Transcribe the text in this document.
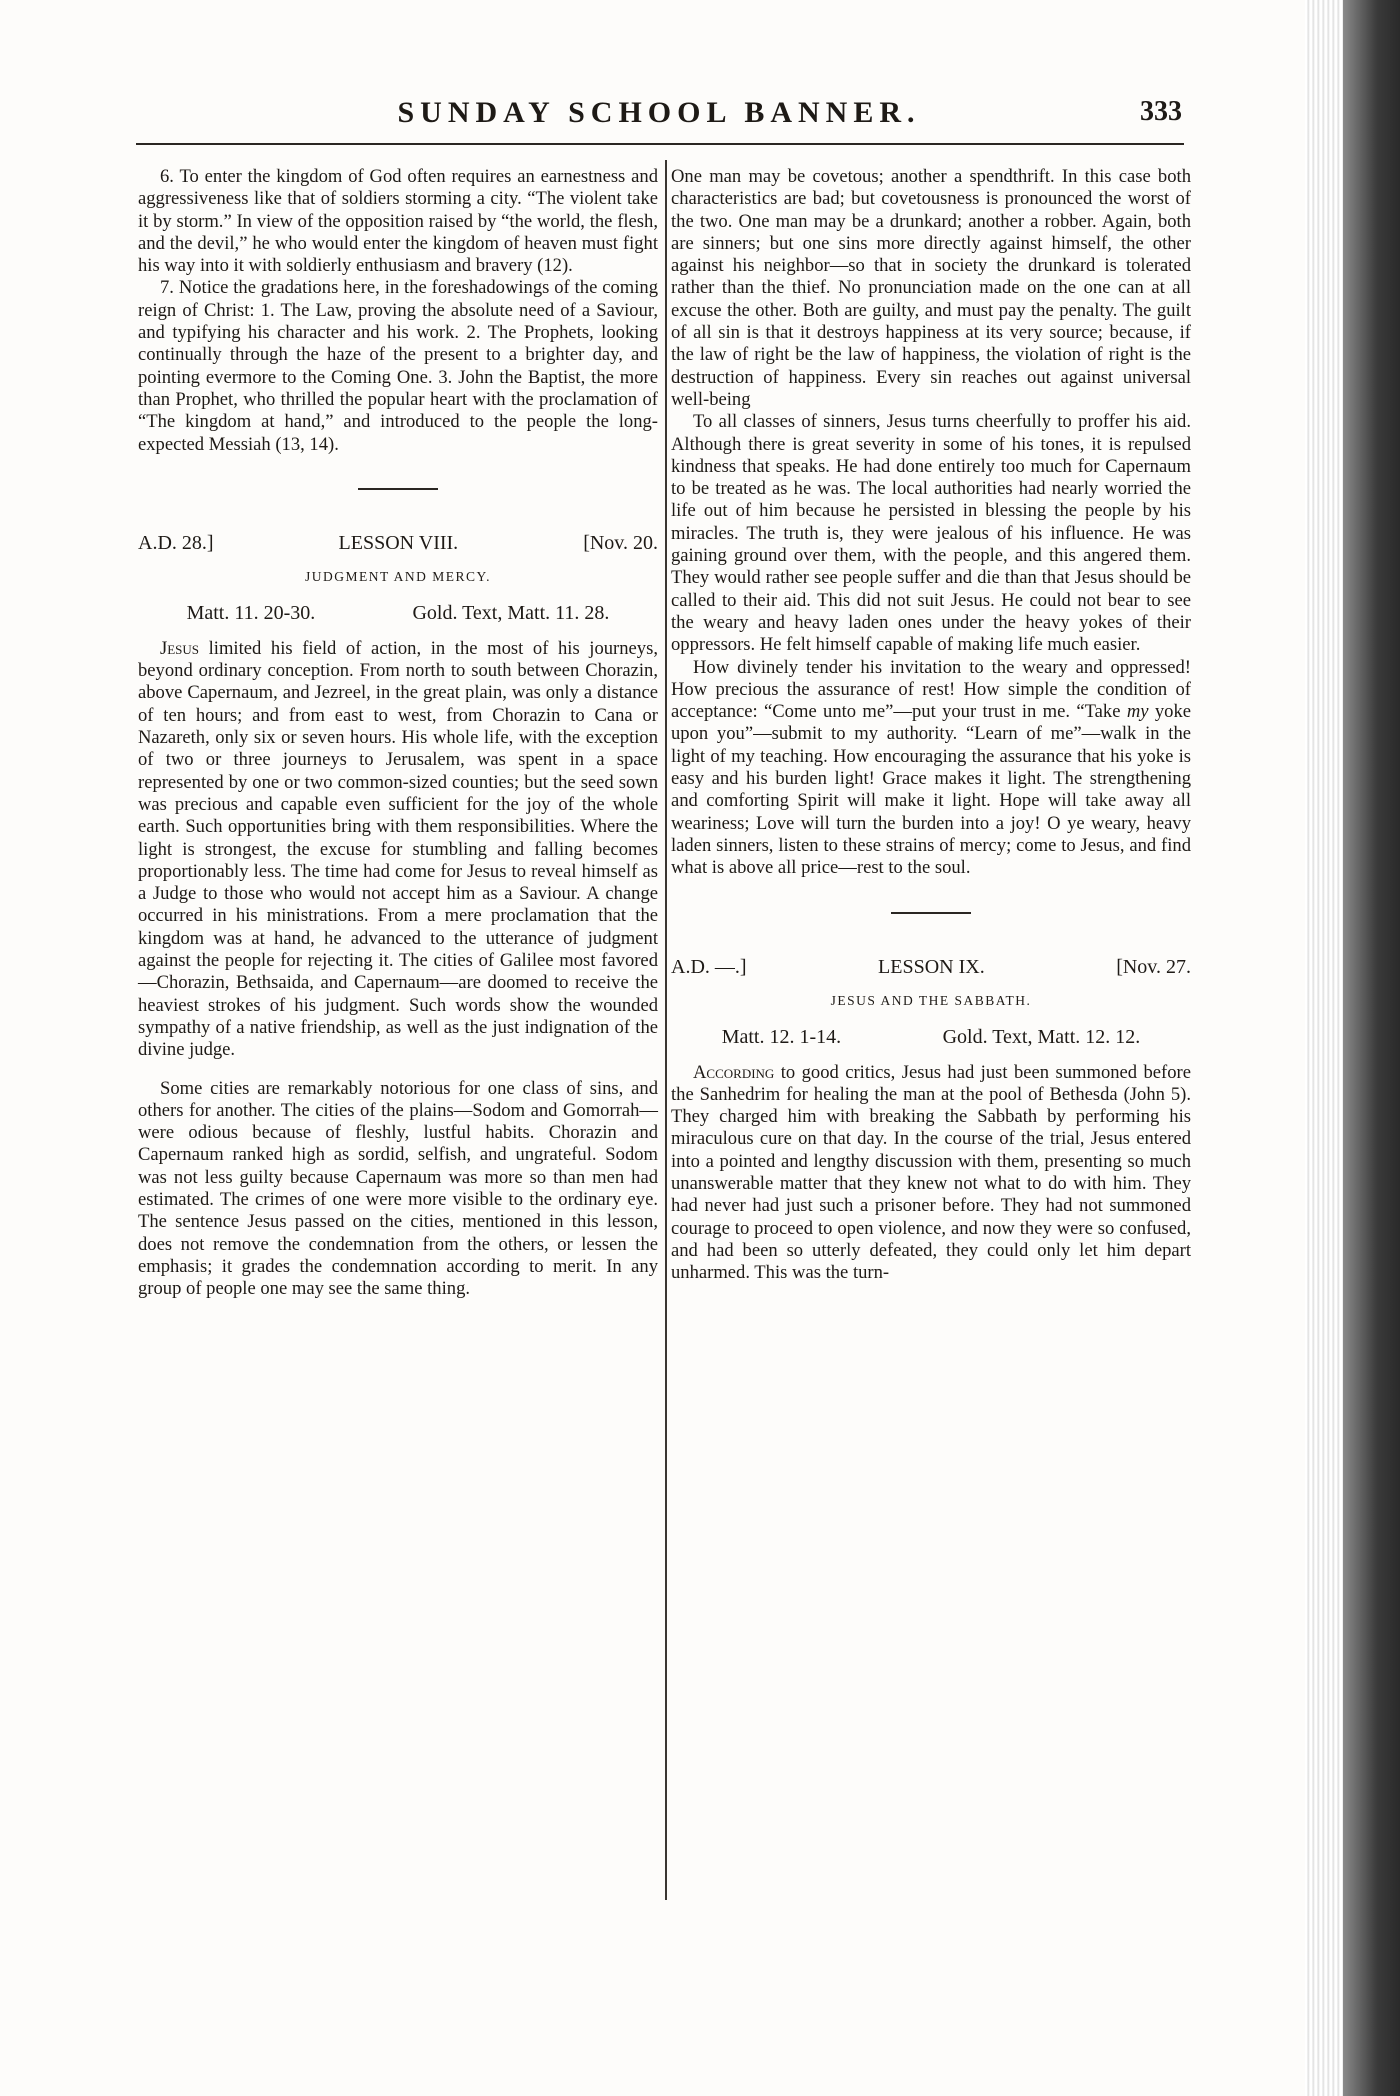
SUNDAY SCHOOL BANNER.	333

6. To enter the kingdom of God often requires an earnestness and aggressiveness like that of soldiers storming a city. “The violent take it by storm.” In view of the opposition raised by “the world, the flesh, and the devil,” he who would enter the kingdom of heaven must fight his way into it with soldierly enthusiasm and bravery (12).

7. Notice the gradations here, in the foreshadowings of the coming reign of Christ: 1. The Law, proving the absolute need of a Saviour, and typifying his character and his work. 2. The Prophets, looking continually through the haze of the present to a brighter day, and pointing evermore to the Coming One. 3. John the Baptist, the more than Prophet, who thrilled the popular heart with the proclamation of “The kingdom at hand,” and introduced to the people the long-expected Messiah (13, 14).

A.D. 28.]	LESSON VIII.	[Nov. 20.
JUDGMENT AND MERCY.
Matt. 11. 20-30.	Gold. Text, Matt. 11. 28.

Jesus limited his field of action, in the most of his journeys, beyond ordinary conception. From north to south between Chorazin, above Capernaum, and Jezreel, in the great plain, was only a distance of ten hours; and from east to west, from Chorazin to Cana or Nazareth, only six or seven hours. His whole life, with the exception of two or three journeys to Jerusalem, was spent in a space represented by one or two common-sized counties; but the seed sown was precious and capable even sufficient for the joy of the whole earth. Such opportunities bring with them responsibilities. Where the light is strongest, the excuse for stumbling and falling becomes proportionably less. The time had come for Jesus to reveal himself as a Judge to those who would not accept him as a Saviour. A change occurred in his ministrations. From a mere proclamation that the kingdom was at hand, he advanced to the utterance of judgment against the people for rejecting it. The cities of Galilee most favored —Chorazin, Bethsaida, and Capernaum—are doomed to receive the heaviest strokes of his judgment. Such words show the wounded sympathy of a native friendship, as well as the just indignation of the divine judge.

Some cities are remarkably notorious for one class of sins, and others for another. The cities of the plains—Sodom and Gomorrah—were odious because of fleshly, lustful habits. Chorazin and Capernaum ranked high as sordid, selfish, and ungrateful. Sodom was not less guilty because Capernaum was more so than men had estimated. The crimes of one were more visible to the ordinary eye. The sentence Jesus passed on the cities, mentioned in this lesson, does not remove the condemnation from the others, or lessen the emphasis; it grades the condemnation according to merit. In any group of people one may see the same thing.

One man may be covetous; another a spendthrift. In this case both characteristics are bad; but covetousness is pronounced the worst of the two. One man may be a drunkard; another a robber. Again, both are sinners; but one sins more directly against himself, the other against his neighbor—so that in society the drunkard is tolerated rather than the thief. No pronunciation made on the one can at all excuse the other. Both are guilty, and must pay the penalty. The guilt of all sin is that it destroys happiness at its very source; because, if the law of right be the law of happiness, the violation of right is the destruction of happiness. Every sin reaches out against universal well-being

To all classes of sinners, Jesus turns cheerfully to proffer his aid. Although there is great severity in some of his tones, it is repulsed kindness that speaks. He had done entirely too much for Capernaum to be treated as he was. The local authorities had nearly worried the life out of him because he persisted in blessing the people by his miracles. The truth is, they were jealous of his influence. He was gaining ground over them, with the people, and this angered them. They would rather see people suffer and die than that Jesus should be called to their aid. This did not suit Jesus. He could not bear to see the weary and heavy laden ones under the heavy yokes of their oppressors. He felt himself capable of making life much easier.

How divinely tender his invitation to the weary and oppressed! How precious the assurance of rest! How simple the condition of acceptance: “Come unto me”—put your trust in me. “Take my yoke upon you”—submit to my authority. “Learn of me”—walk in the light of my teaching. How encouraging the assurance that his yoke is easy and his burden light! Grace makes it light. The strengthening and comforting Spirit will make it light. Hope will take away all weariness; Love will turn the burden into a joy! O ye weary, heavy laden sinners, listen to these strains of mercy; come to Jesus, and find what is above all price—rest to the soul.

A.D. —.]	LESSON IX.	[Nov. 27.
JESUS AND THE SABBATH.
Matt. 12. 1-14.	Gold. Text, Matt. 12. 12.

According to good critics, Jesus had just been summoned before the Sanhedrim for healing the man at the pool of Bethesda (John 5). They charged him with breaking the Sabbath by performing his miraculous cure on that day. In the course of the trial, Jesus entered into a pointed and lengthy discussion with them, presenting so much unanswerable matter that they knew not what to do with him. They had never had just such a prisoner before. They had not summoned courage to proceed to open violence, and now they were so confused, and had been so utterly defeated, they could only let him depart unharmed. This was the turn-
